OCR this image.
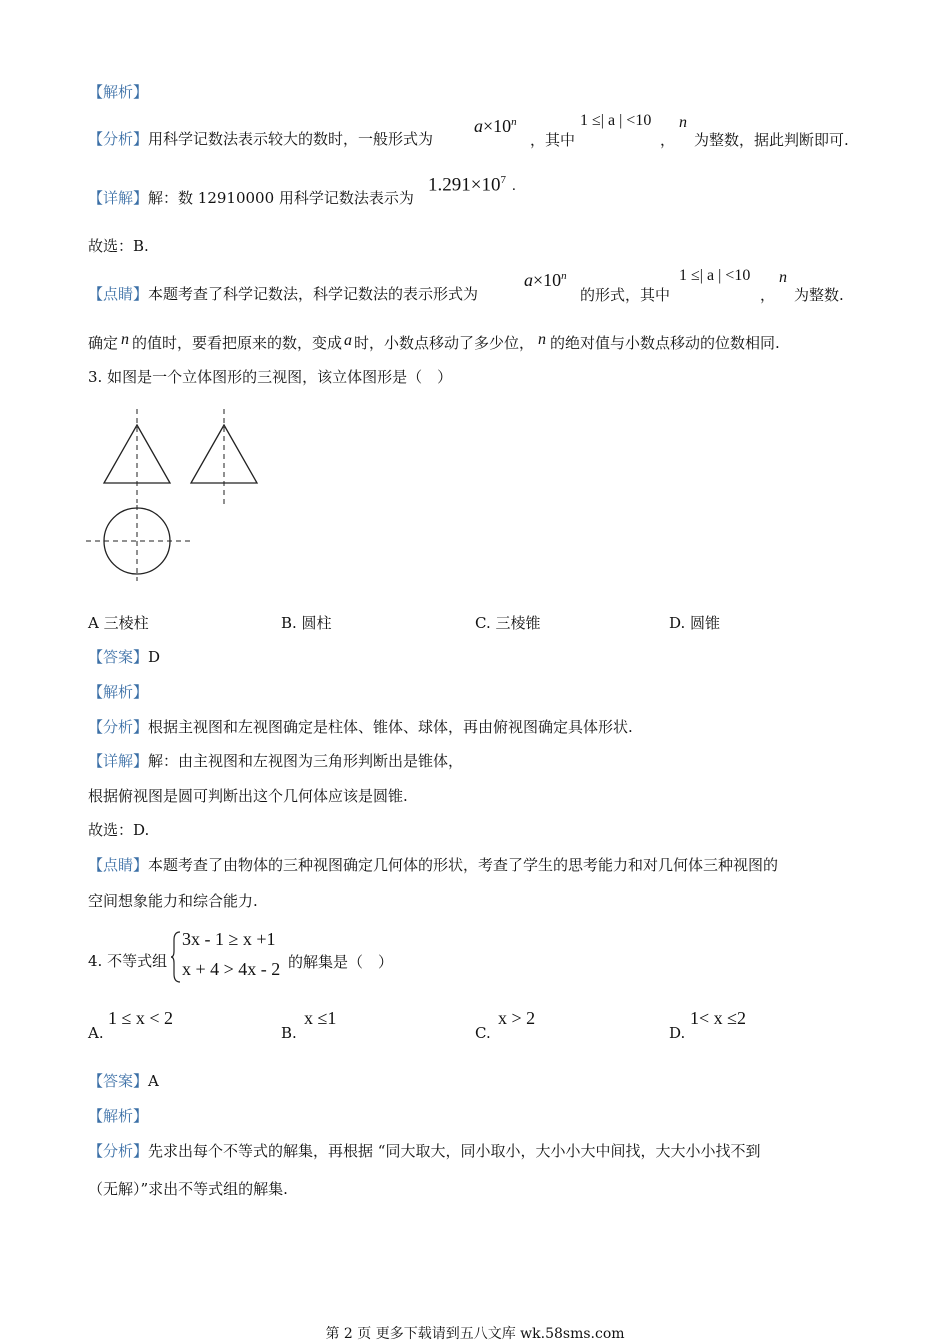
【解析】
【分析】用科学记数法表示较大的数时，一般形式为
$a\times 10^n$
，其中
1 ≤| a | <10
，
n
为整数，据此判断即可.
【详解】解：数 12910000 用科学记数法表示为
$1.291\times 10^7$ .
故选：B.
【点睛】本题考查了科学记数法，科学记数法的表示形式为
$a\times 10^n$
的形式，其中
1 ≤| a | <10
，
n
为整数.
确定 n 的值时，要看把原来的数，变成 a 时，小数点移动了多少位， n 的绝对值与小数点移动的位数相同.
3. 如图是一个立体图形的三视图，该立体图形是（　）
A 三棱柱	B. 圆柱	C. 三棱锥	D. 圆锥
【答案】D
【解析】
【分析】根据主视图和左视图确定是柱体、锥体、球体，再由俯视图确定具体形状.
【详解】解：由主视图和左视图为三角形判断出是锥体，
根据俯视图是圆可判断出这个几何体应该是圆锥.
故选：D.
【点睛】本题考查了由物体的三种视图确定几何体的形状，考查了学生的思考能力和对几何体三种视图的
空间想象能力和综合能力.
4. 不等式组
3x - 1 ≥ x +1
x + 4 > 4x - 2 的解集是（　）
A.
1 ≤ x < 2
B.
x ≤1
C.
x > 2
D.
1< x ≤2
【答案】A
【解析】
【分析】先求出每个不等式的解集，再根据 “同大取大，同小取小，大小小大中间找，大大小小找不到
（无解）”求出不等式组的解集.
第 2 页 更多下载请到五八文库 wk.58sms.com
